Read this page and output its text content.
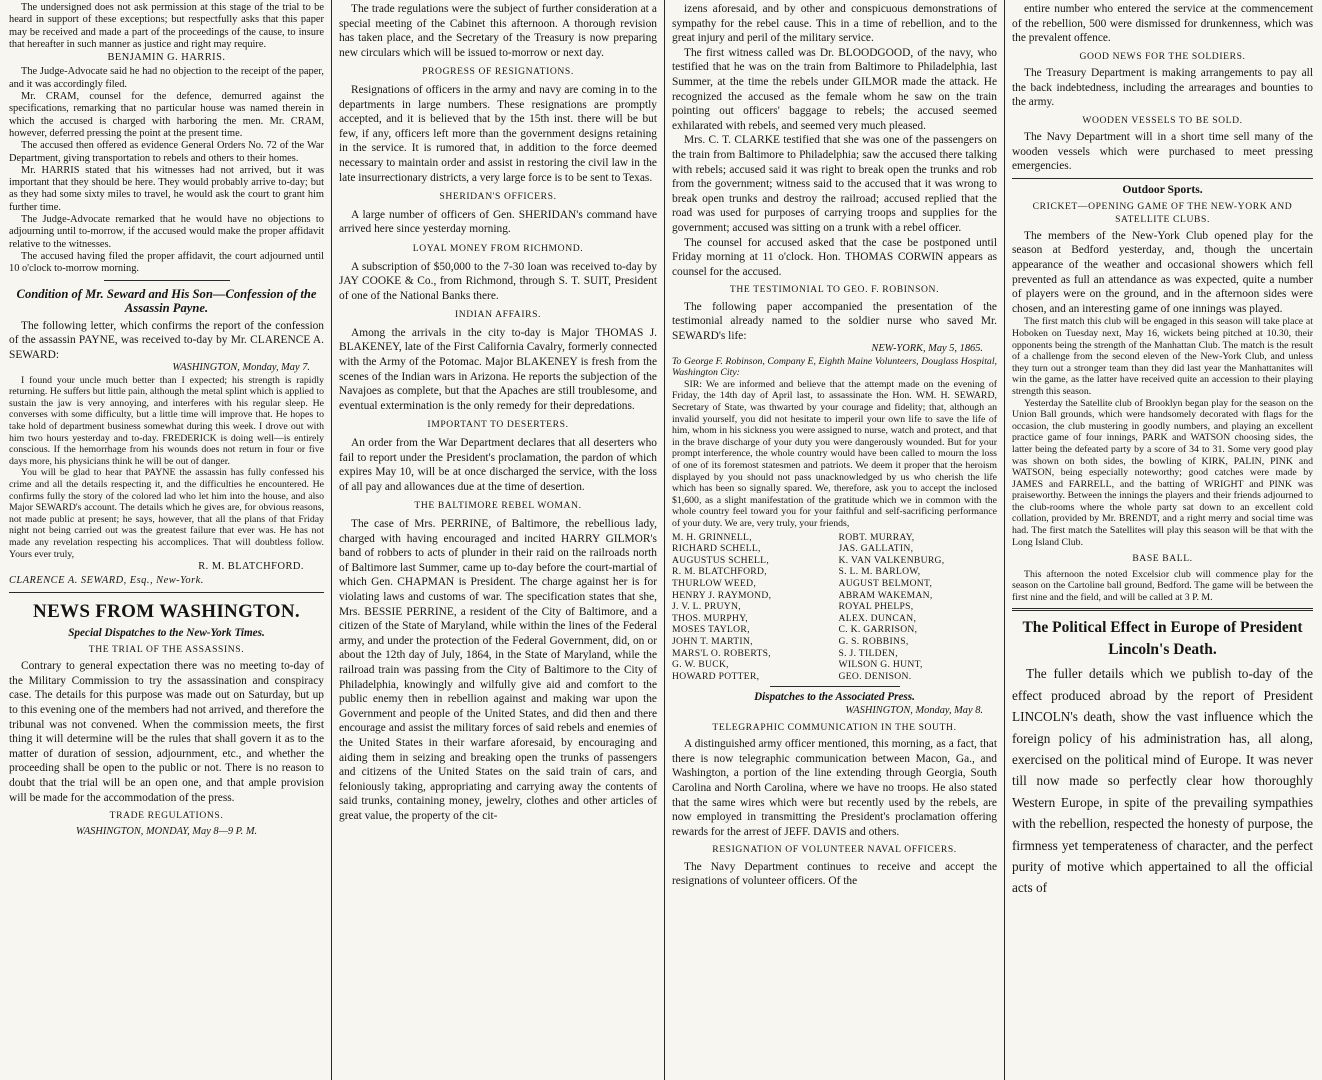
The undersigned does not ask permission at this stage of the trial to be heard in support of these exceptions; but respectfully asks that this paper may be received and made a part of the proceedings of the cause, to insure that hereafter in such manner as justice and right may require.

BENJAMIN G. HARRIS.

The Judge-Advocate said he had no objection to the receipt of the paper, and it was accordingly filed.

Mr. CRAM, counsel for the defence, demurred against the specifications, remarking that no particular house was named therein in which the accused is charged with harboring the men. Mr. CRAM, however, deferred pressing the point at the present time.

The accused then offered as evidence General Orders No. 72 of the War Department, giving transportation to rebels and others to their homes.

Mr. HARRIS stated that his witnesses had not arrived, but it was important that they should be here. They would probably arrive to-day; but as they had some sixty miles to travel, he would ask the court to grant him further time.

The Judge-Advocate remarked that he would have no objections to adjourning until to-morrow, if the accused would make the proper affidavit relative to the witnesses.

The accused having filed the proper affidavit, the court adjourned until 10 o'clock to-morrow morning.

Condition of Mr. Seward and His Son—Confession of the Assassin Payne.

The following letter, which confirms the report of the confession of the assassin PAYNE, was received to-day by Mr. CLARENCE A. SEWARD:

WASHINGTON, Monday, May 7.

I found your uncle much better than I expected; his strength is rapidly returning. He suffers but little pain, although the metal splint which is applied to sustain the jaw is very annoying, and interferes with his regular sleep. He converses with some difficulty, but a little time will improve that. He hopes to take hold of department business somewhat during this week. I drove out with him two hours yesterday and to-day. FREDERICK is doing well—is entirely conscious. If the hemorrhage from his wounds does not return in four or five days more, his physicians think he will be out of danger.

You will be glad to hear that PAYNE the assassin has fully confessed his crime and all the details respecting it, and the difficulties he encountered. He confirms fully the story of the colored lad who let him into the house, and also Major SEWARD's account. The details which he gives are, for obvious reasons, not made public at present; he says, however, that all the plans of that Friday night not being carried out was the greatest failure that ever was. He has not made any revelation respecting his accomplices. That will doubtless follow. Yours ever truly,

R. M. BLATCHFORD.

CLARENCE A. SEWARD, Esq., New-York.

NEWS FROM WASHINGTON.

Special Dispatches to the New-York Times.

THE TRIAL OF THE ASSASSINS.

Contrary to general expectation there was no meeting to-day of the Military Commission to try the assassination and conspiracy case. The details for this purpose was made out on Saturday, but up to this evening one of the members had not arrived, and therefore the tribunal was not convened. When the commission meets, the first thing it will determine will be the rules that shall govern it as to the matter of duration of session, adjournment, etc., and whether the proceeding shall be open to the public or not. There is no reason to doubt that the trial will be an open one, and that ample provision will be made for the accommodation of the press.

TRADE REGULATIONS.

WASHINGTON, MONDAY, May 8—9 P. M.

The trade regulations were the subject of further consideration at a special meeting of the Cabinet this afternoon. A thorough revision has taken place, and the Secretary of the Treasury is now preparing new circulars which will be issued to-morrow or next day.

PROGRESS OF RESIGNATIONS.

Resignations of officers in the army and navy are coming in to the departments in large numbers. These resignations are promptly accepted, and it is believed that by the 15th inst. there will be but few, if any, officers left more than the government designs retaining in the service. It is rumored that, in addition to the force deemed necessary to maintain order and assist in restoring the civil law in the late insurrectionary districts, a very large force is to be sent to Texas.

SHERIDAN'S OFFICERS.

A large number of officers of Gen. SHERIDAN's command have arrived here since yesterday morning.

LOYAL MONEY FROM RICHMOND.

A subscription of $50,000 to the 7-30 loan was received to-day by JAY COOKE & Co., from Richmond, through S. T. SUIT, President of one of the National Banks there.

INDIAN AFFAIRS.

Among the arrivals in the city to-day is Major THOMAS J. BLAKENEY, late of the First California Cavalry, formerly connected with the Army of the Potomac. Major BLAKENEY is fresh from the scenes of the Indian wars in Arizona. He reports the subjection of the Navajoes as complete, but that the Apaches are still troublesome, and eventual extermination is the only remedy for their depredations.

IMPORTANT TO DESERTERS.

An order from the War Department declares that all deserters who fail to report under the President's proclamation, the pardon of which expires May 10, will be at once discharged the service, with the loss of all pay and allowances due at the time of desertion.

THE BALTIMORE REBEL WOMAN.

The case of Mrs. PERRINE, of Baltimore, the rebellious lady, charged with having encouraged and incited HARRY GILMOR's band of robbers to acts of plunder in their raid on the railroads north of Baltimore last Summer, came up to-day before the court-martial of which Gen. CHAPMAN is President. The charge against her is for violating laws and customs of war. The specification states that she, Mrs. BESSIE PERRINE, a resident of the City of Baltimore, and a citizen of the State of Maryland, while within the lines of the Federal army, and under the protection of the Federal Government, did, on or about the 12th day of July, 1864, in the State of Maryland, while the railroad train was passing from the City of Baltimore to the City of Philadelphia, knowingly and wilfully give aid and comfort to the public enemy then in rebellion against and making war upon the Government and people of the United States, and did then and there encourage and assist the military forces of said rebels and enemies of the United States in their warfare aforesaid, by encouraging and aiding them in seizing and breaking open the trunks of passengers and citizens of the United States on the said train of cars, and feloniously taking, appropriating and carrying away the contents of said trunks, containing money, jewelry, clothes and other articles of great value, the property of the cit-

izens aforesaid, and by other and conspicuous demonstrations of sympathy for the rebel cause. This in a time of rebellion, and to the great injury and peril of the military service.

The first witness called was Dr. BLOODGOOD, of the navy, who testified that he was on the train from Baltimore to Philadelphia, last Summer, at the time the rebels under GILMOR made the attack. He recognized the accused as the female whom he saw on the train pointing out officers' baggage to rebels; the accused seemed exhilarated with rebels, and seemed very much pleased.

Mrs. C. T. CLARKE testified that she was one of the passengers on the train from Baltimore to Philadelphia; saw the accused there talking with rebels; accused said it was right to break open the trunks and rob from the government; witness said to the accused that it was wrong to break open trunks and destroy the railroad; accused replied that the road was used for purposes of carrying troops and supplies for the government; accused was sitting on a trunk with a rebel officer.

The counsel for accused asked that the case be postponed until Friday morning at 11 o'clock. Hon. THOMAS CORWIN appears as counsel for the accused.

THE TESTIMONIAL TO GEO. F. ROBINSON.

The following paper accompanied the presentation of the testimonial already named to the soldier nurse who saved Mr. SEWARD's life:

NEW-YORK, May 5, 1865.

To George F. Robinson, Company E, Eighth Maine Volunteers, Douglass Hospital, Washington City:

SIR: We are informed and believe that the attempt made on the evening of Friday, the 14th day of April last, to assassinate the Hon. WM. H. SEWARD, Secretary of State, was thwarted by your courage and fidelity; that, although an invalid yourself, you did not hesitate to imperil your own life to save the life of him, whom in his sickness you were assigned to nurse, watch and protect, and that in the brave discharge of your duty you were dangerously wounded. But for your prompt interference, the whole country would have been called to mourn the loss of one of its foremost statesmen and patriots. We deem it proper that the heroism displayed by you should not pass unacknowledged by us who cherish the life which has been so signally spared. We, therefore, ask you to accept the inclosed $1,600, as a slight manifestation of the gratitude which we in common with the whole country feel toward you for your faithful and self-sacrificing performance of your duty. We are, very truly, your friends,

M. H. GRINNELL,	ROBT. MURRAY,
RICHARD SCHELL,	JAS. GALLATIN,
AUGUSTUS SCHELL,	K. VAN VALKENBURG,
R. M. BLATCHFORD,	S. L. M. BARLOW,
THURLOW WEED,	AUGUST BELMONT,
HENRY J. RAYMOND,	ABRAM WAKEMAN,
J. V. L. PRUYN,	ROYAL PHELPS,
THOS. MURPHY,	ALEX. DUNCAN,
MOSES TAYLOR,	C. K. GARRISON,
JOHN T. MARTIN,	G. S. ROBBINS,
MARS'L O. ROBERTS,	S. J. TILDEN,
G. W. BUCK,	WILSON G. HUNT,
HOWARD POTTER,	GEO. DENISON.

Dispatches to the Associated Press.

WASHINGTON, Monday, May 8.

TELEGRAPHIC COMMUNICATION IN THE SOUTH.

A distinguished army officer mentioned, this morning, as a fact, that there is now telegraphic communication between Macon, Ga., and Washington, a portion of the line extending through Georgia, South Carolina and North Carolina, where we have no troops. He also stated that the same wires which were but recently used by the rebels, are now employed in transmitting the President's proclamation offering rewards for the arrest of JEFF. DAVIS and others.

RESIGNATION OF VOLUNTEER NAVAL OFFICERS.

The Navy Department continues to receive and accept the resignations of volunteer officers. Of the

entire number who entered the service at the commencement of the rebellion, 500 were dismissed for drunkenness, which was the prevalent offence.

GOOD NEWS FOR THE SOLDIERS.

The Treasury Department is making arrangements to pay all the back indebtedness, including the arrearages and bounties to the army.

WOODEN VESSELS TO BE SOLD.

The Navy Department will in a short time sell many of the wooden vessels which were purchased to meet pressing emergencies.

Outdoor Sports.

CRICKET—OPENING GAME OF THE NEW-YORK AND SATELLITE CLUBS.

The members of the New-York Club opened play for the season at Bedford yesterday, and, though the uncertain appearance of the weather and occasional showers which fell prevented as full an attendance as was expected, quite a number of players were on the ground, and in the afternoon sides were chosen, and an interesting game of one innings was played.

The first match this club will be engaged in this season will take place at Hoboken on Tuesday next, May 16, wickets being pitched at 10.30, their opponents being the strength of the Manhattan Club. The match is the result of a challenge from the second eleven of the New-York Club, and unless they turn out a stronger team than they did last year the Manhattanites will win the game, as the latter have received quite an accession to their playing strength this season.

Yesterday the Satellite club of Brooklyn began play for the season on the Union Ball grounds, which were handsomely decorated with flags for the occasion, the club mustering in goodly numbers, and playing an excellent practice game of four innings, PARK and WATSON choosing sides, the latter being the defeated party by a score of 34 to 31. Some very good play was shown on both sides, the bowling of KIRK, PALIN, PINK and WATSON, being especially noteworthy; good catches were made by JAMES and FARRELL, and the batting of WRIGHT and PINK was praiseworthy. Between the innings the players and their friends adjourned to the club-rooms where the whole party sat down to an excellent cold collation, provided by Mr. BRENDT, and a right merry and social time was had. The first match the Satellites will play this season will be that with the Long Island Club.

BASE BALL.

This afternoon the noted Excelsior club will commence play for the season on the Cartoline ball ground, Bedford. The game will be between the first nine and the field, and will be called at 3 P. M.

The Political Effect in Europe of President Lincoln's Death.

The fuller details which we publish to-day of the effect produced abroad by the report of President LINCOLN's death, show the vast influence which the foreign policy of his administration has, all along, exercised on the political mind of Europe. It was never till now made so perfectly clear how thoroughly Western Europe, in spite of the prevailing sympathies with the rebellion, respected the honesty of purpose, the firmness yet temperateness of character, and the perfect purity of motive which appertained to all the official acts of
